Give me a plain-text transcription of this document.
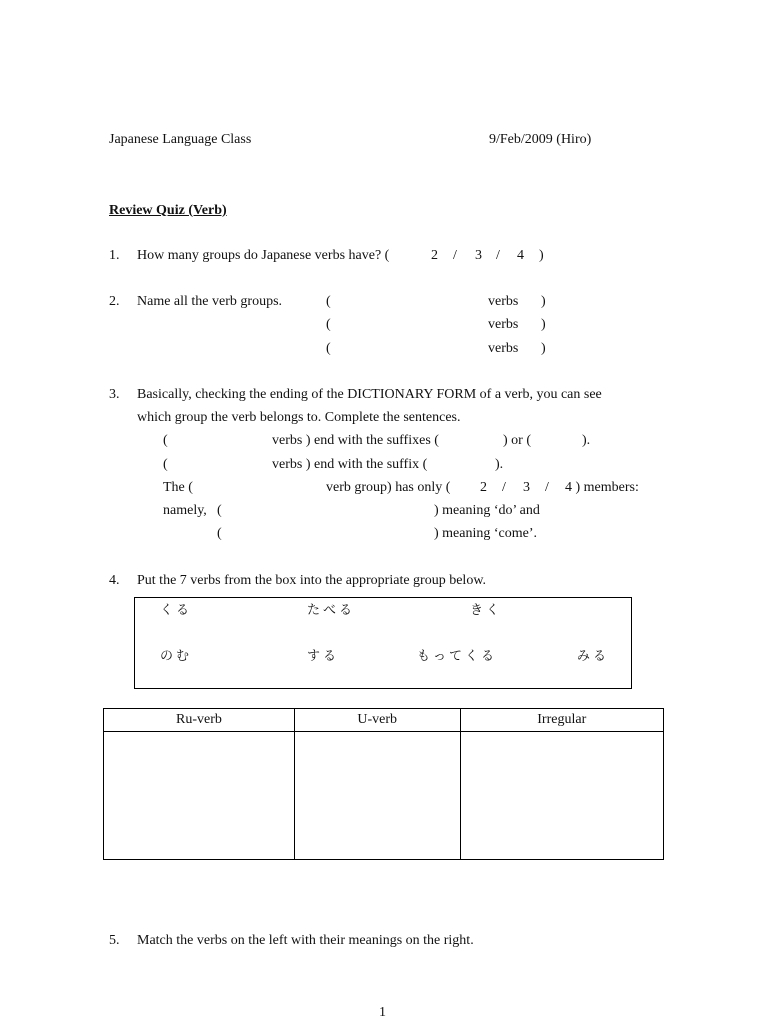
Japanese Language Class	9/Feb/2009 (Hiro)
Review Quiz (Verb)
1. How many groups do Japanese verbs have? (	2 / 3 / 4 )
2. Name all the verb groups.	(	verbs )
(	verbs )
(	verbs )
3. Basically, checking the ending of the DICTIONARY FORM of a verb, you can see
which group the verb belongs to. Complete the sentences.
(	verbs ) end with the suffixes (	) or (	).
(	verbs ) end with the suffix (	).
The (	verb group) has only ( 2 / 3 / 4 ) members:
namely, (	) meaning ‘do’ and
(	) meaning ‘come’.
4. Put the 7 verbs from the box into the appropriate group below.
くる	たべる	きく
のむ	する	もってくる	みる
Ru-verb	U-verb	Irregular

5. Match the verbs on the left with their meanings on the right.
1
